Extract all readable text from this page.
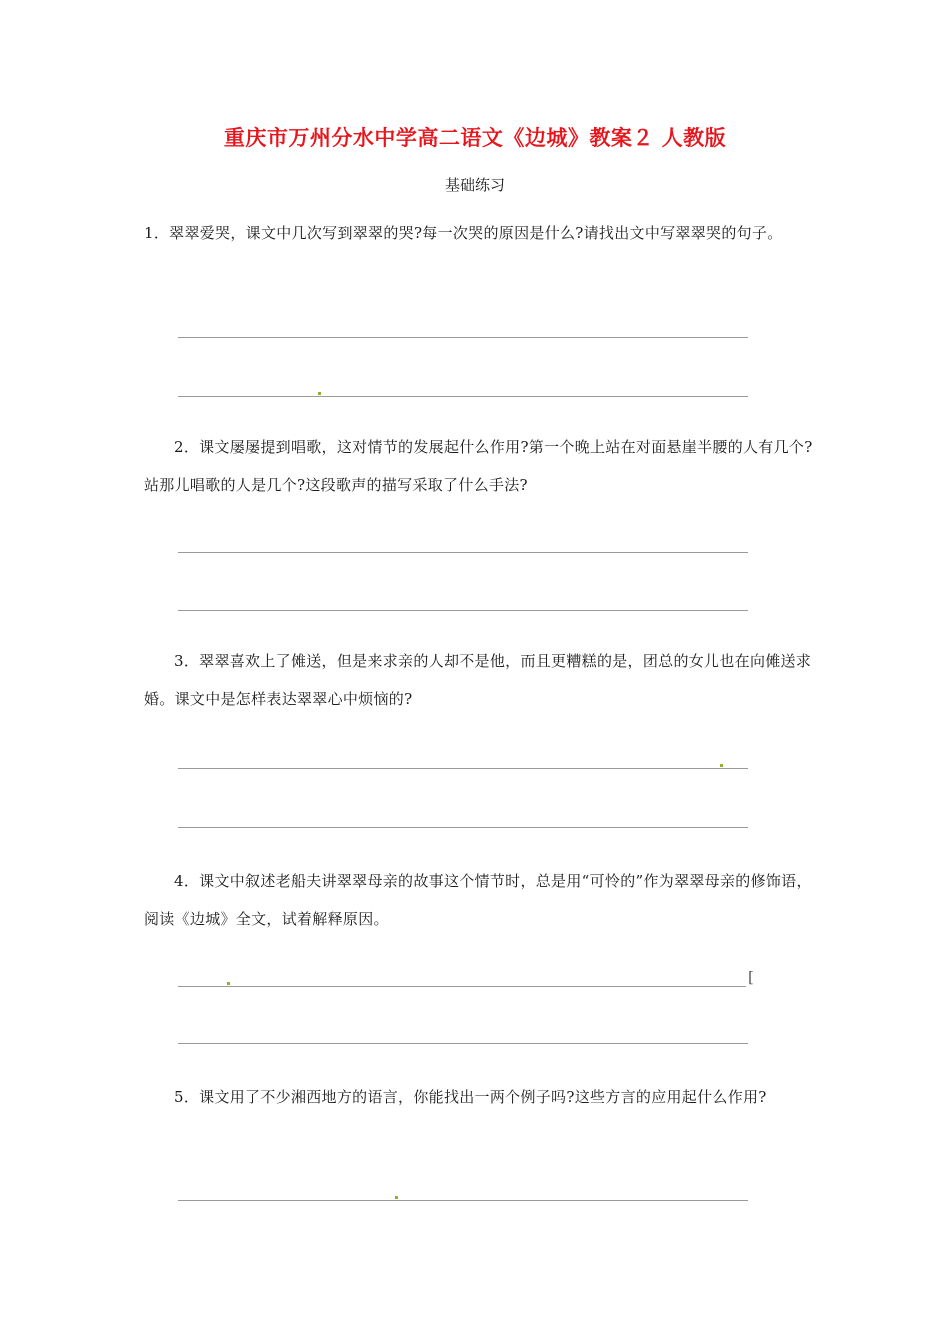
重庆市万州分水中学高二语文《边城》教案２ 人教版
基础练习

1．翠翠爱哭，课文中几次写到翠翠的哭?每一次哭的原因是什么?请找出文中写翠翠哭的句子。

2．课文屡屡提到唱歌，这对情节的发展起什么作用?第一个晚上站在对面悬崖半腰的人有几个?站那儿唱歌的人是几个?这段歌声的描写采取了什么手法?

3．翠翠喜欢上了傩送，但是来求亲的人却不是他，而且更糟糕的是，团总的女儿也在向傩送求婚。课文中是怎样表达翠翠心中烦恼的?

4．课文中叙述老船夫讲翠翠母亲的故事这个情节时，总是用“可怜的”作为翠翠母亲的修饰语，阅读《边城》全文，试着解释原因。

[

5．课文用了不少湘西地方的语言，你能找出一两个例子吗?这些方言的应用起什么作用?
